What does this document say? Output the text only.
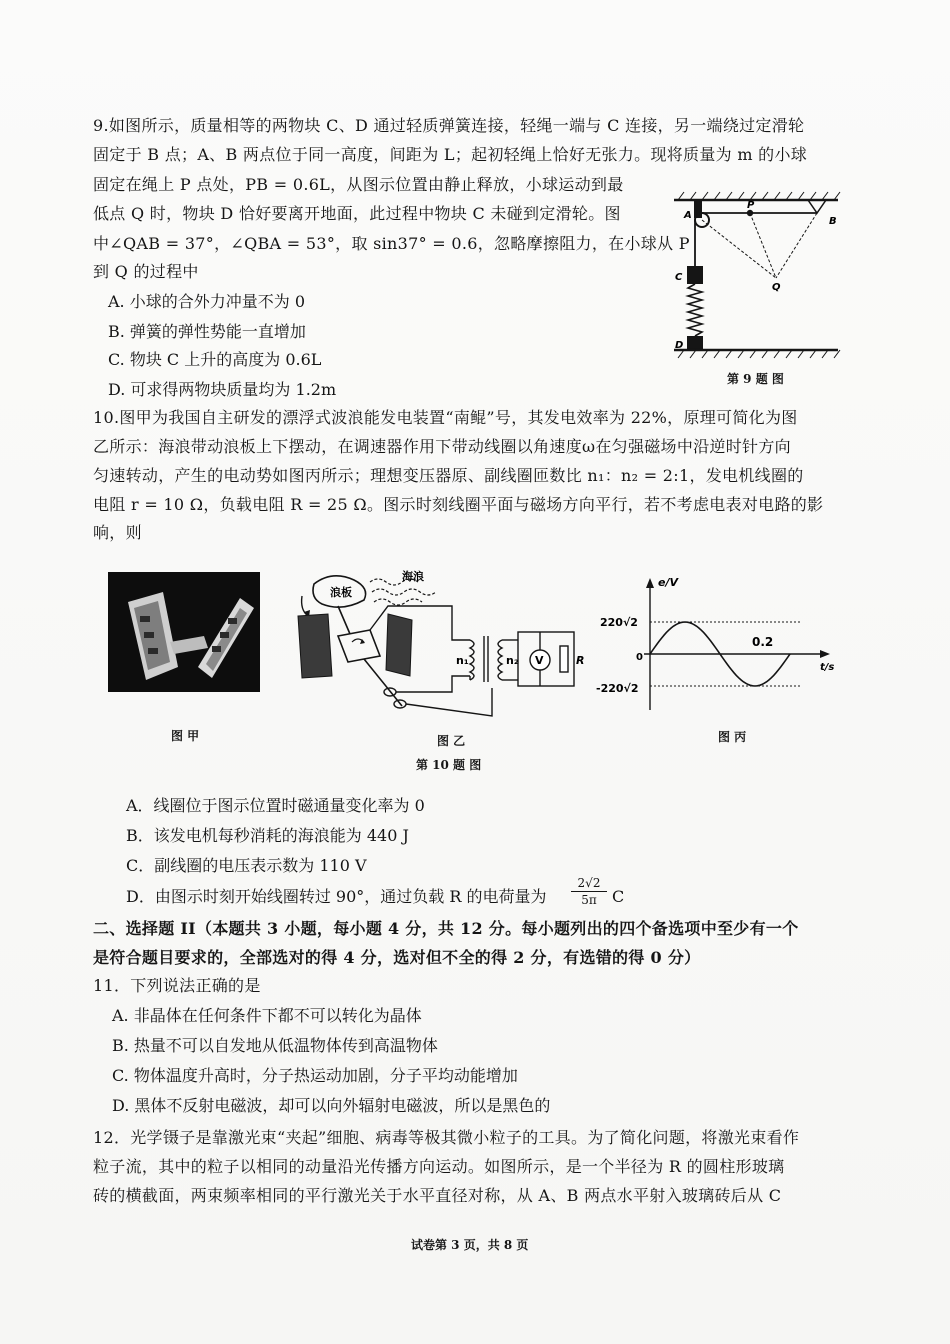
9.如图所示，质量相等的两物块 C、D 通过轻质弹簧连接，轻绳一端与 C 连接，另一端绕过定滑轮
固定于 B 点；A、B 两点位于同一高度，间距为 L；起初轻绳上恰好无张力。现将质量为 m 的小球
固定在绳上 P 点处，PB = 0.6L，从图示位置由静止释放，小球运动到最
低点 Q 时，物块 D 恰好要离开地面，此过程中物块 C 未碰到定滑轮。图
中∠QAB = 37°，∠QBA = 53°，取 sin37° = 0.6，忽略摩擦阻力，在小球从 P
到 Q 的过程中
A. 小球的合外力冲量不为 0
B. 弹簧的弹性势能一直增加
C. 物块 C 上升的高度为 0.6L
D. 可求得两物块质量均为 1.2m
A
P
B
C
Q
D
第 9 题 图
10.图甲为我国自主研发的漂浮式波浪能发电装置“南鲲”号，其发电效率为 22%，原理可简化为图
乙所示：海浪带动浪板上下摆动，在调速器作用下带动线圈以角速度ω在匀强磁场中沿逆时针方向
匀速转动，产生的电动势如图丙所示；理想变压器原、副线圈匝数比 n₁：n₂ = 2:1，发电机线圈的
电阻 r = 10 Ω，负载电阻 R = 25 Ω。图示时刻线圈平面与磁场方向平行，若不考虑电表对电路的影
响，则
图 甲
浪板
海浪
n₁	n₂ V	R
图 乙
e/V
t/s
220√2
-220√2
0
0.2
图 丙
第 10 题 图
A．线圈位于图示位置时磁通量变化率为 0
B．该发电机每秒消耗的海浪能为 440 J
C．副线圈的电压表示数为 110 V
D．由图示时刻开始线圈转过 90°，通过负载 R 的电荷量为 $\frac{2√2}{5\pi}$ C
二、选择题 II（本题共 3 小题，每小题 4 分，共 12 分。每小题列出的四个备选项中至少有一个
是符合题目要求的，全部选对的得 4 分，选对但不全的得 2 分，有选错的得 0 分）
11．下列说法正确的是
A. 非晶体在任何条件下都不可以转化为晶体
B. 热量不可以自发地从低温物体传到高温物体
C. 物体温度升高时，分子热运动加剧，分子平均动能增加
D. 黑体不反射电磁波，却可以向外辐射电磁波，所以是黑色的
12．光学镊子是靠激光束“夹起”细胞、病毒等极其微小粒子的工具。为了简化问题，将激光束看作
粒子流，其中的粒子以相同的动量沿光传播方向运动。如图所示，是一个半径为 R 的圆柱形玻璃
砖的横截面，两束频率相同的平行激光关于水平直径对称，从 A、B 两点水平射入玻璃砖后从 C
试卷第 3 页，共 8 页
